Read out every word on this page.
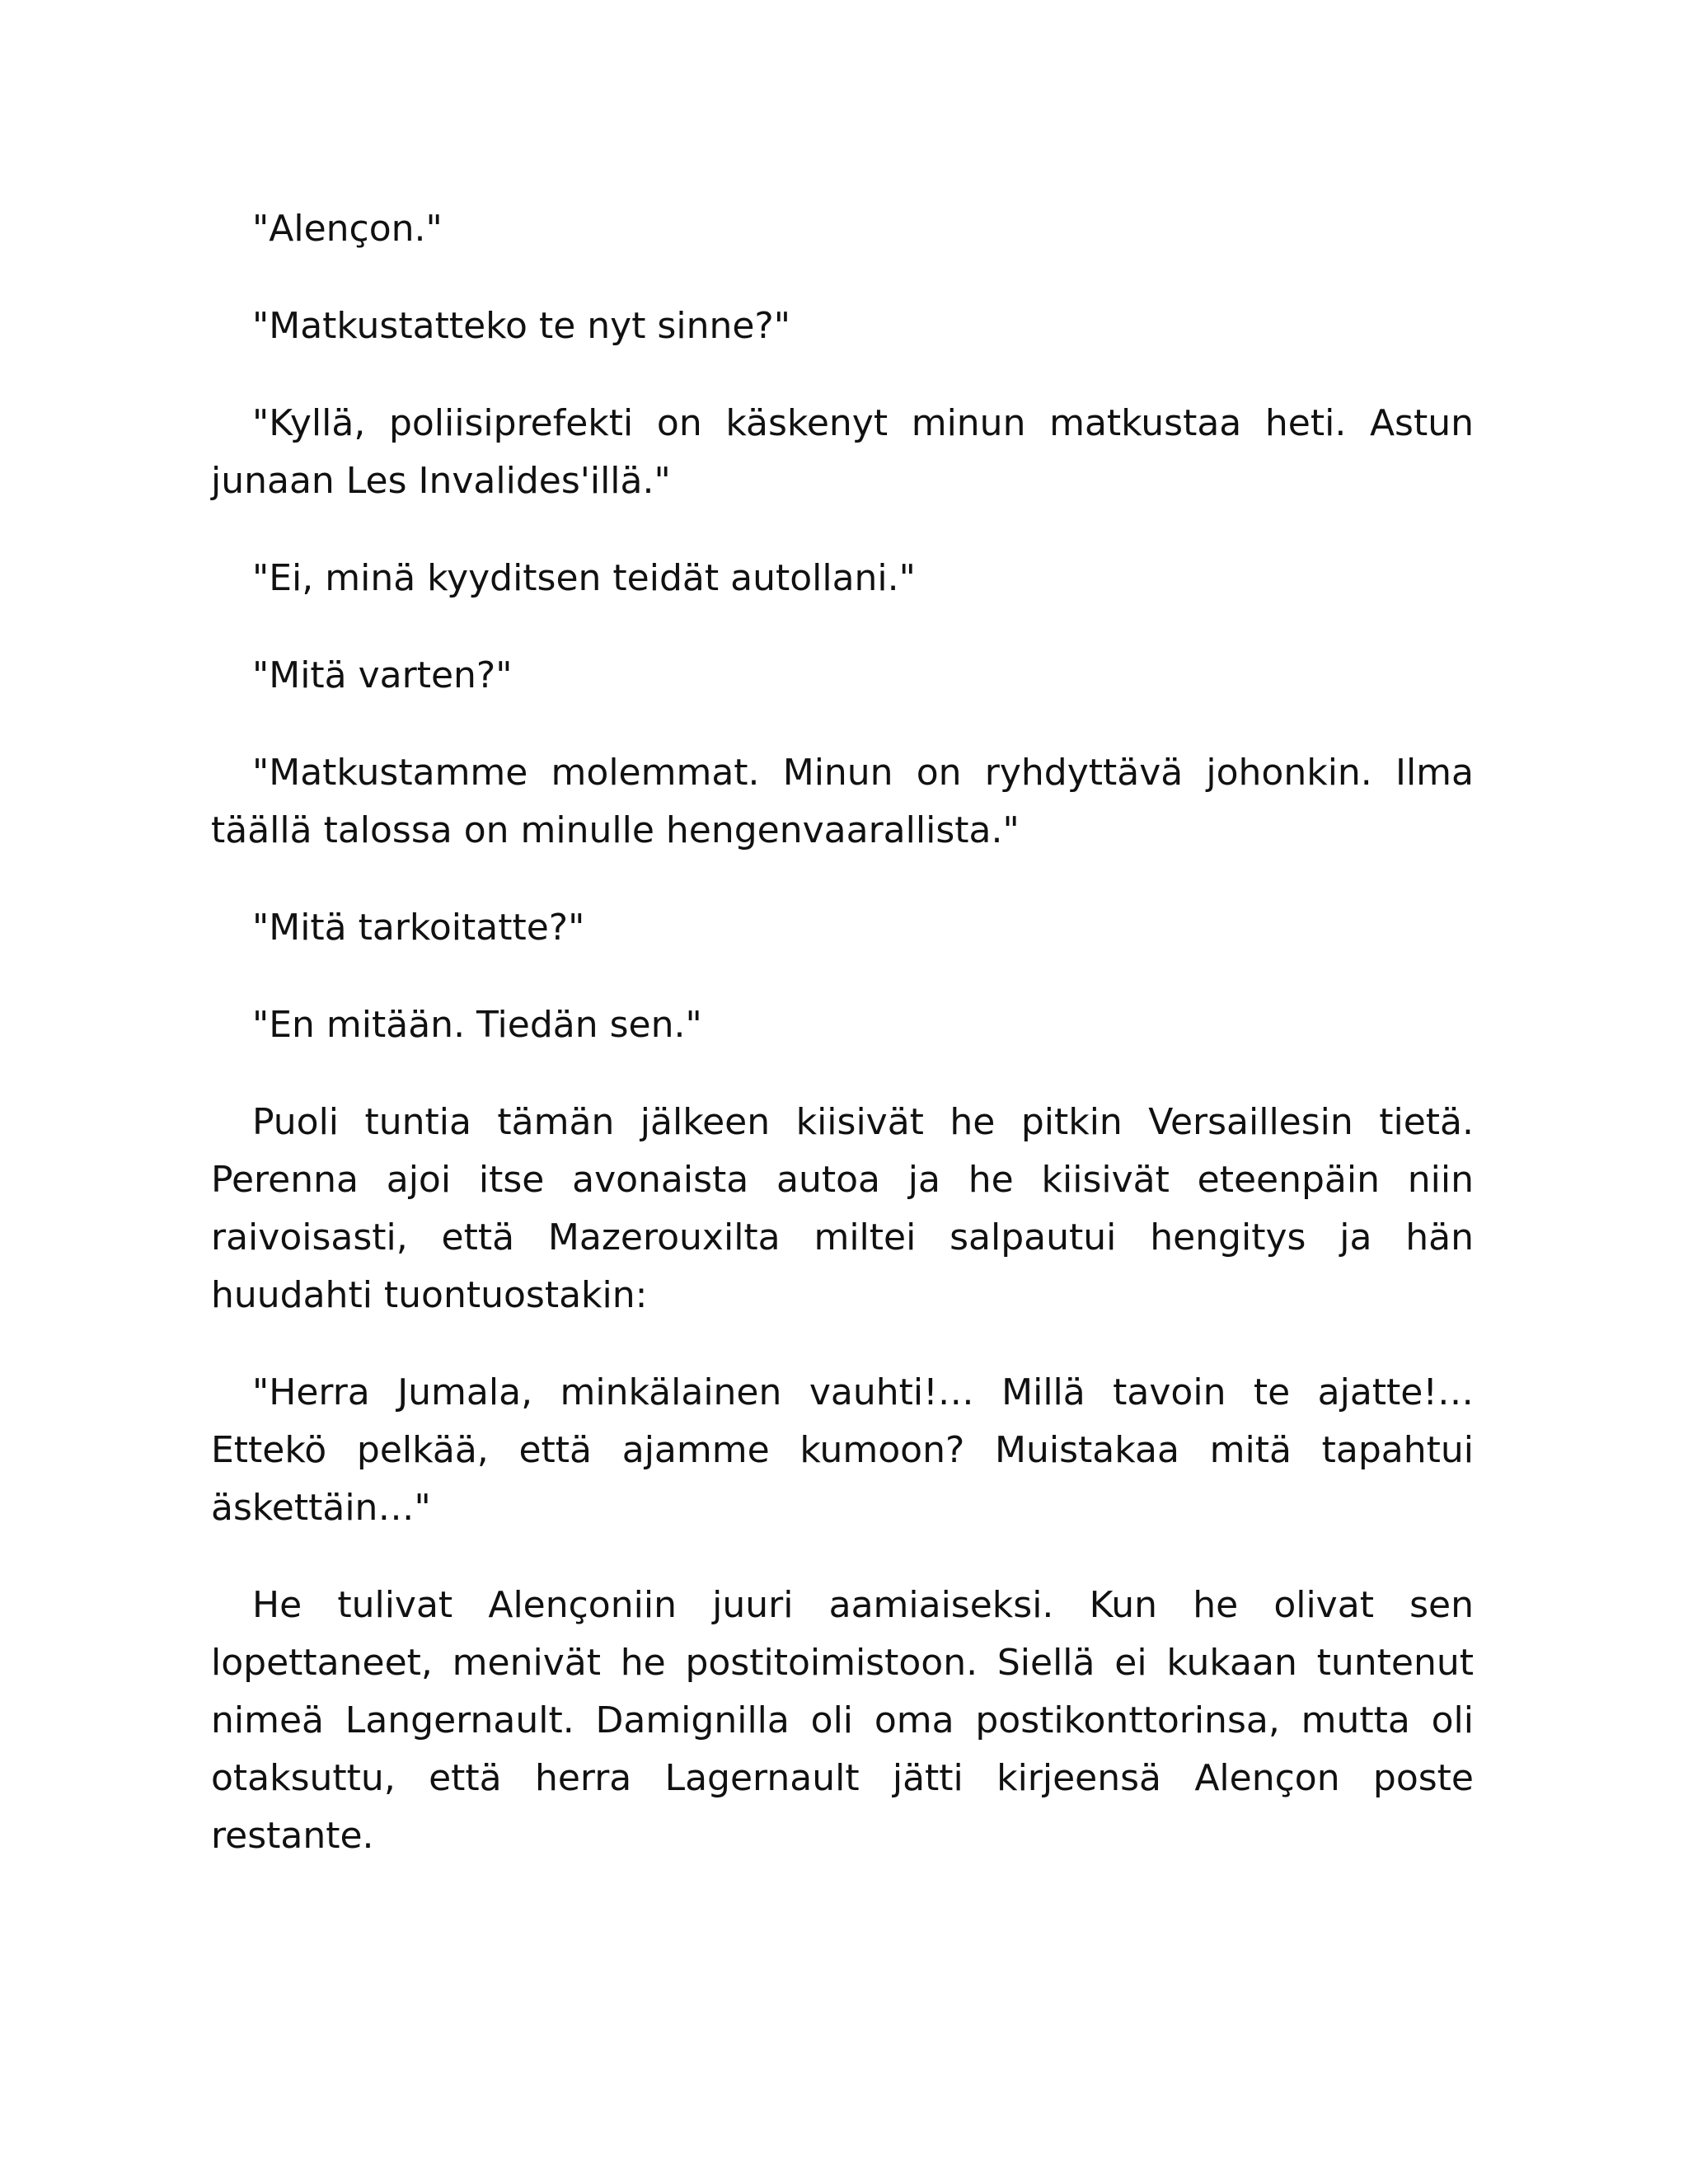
"Alençon."

"Matkustatteko te nyt sinne?"

"Kyllä, poliisiprefekti on käskenyt minun matkustaa heti. Astun junaan Les Invalides'illä."

"Ei, minä kyyditsen teidät autollani."

"Mitä varten?"

"Matkustamme molemmat. Minun on ryhdyttävä johonkin. Ilma täällä talossa on minulle hengenvaarallista."

"Mitä tarkoitatte?"

"En mitään. Tiedän sen."

Puoli tuntia tämän jälkeen kiisivät he pitkin Versaillesin tietä. Perenna ajoi itse avonaista autoa ja he kiisivät eteenpäin niin raivoisasti, että Mazerouxilta miltei salpautui hengitys ja hän huudahti tuontuostakin:

"Herra Jumala, minkälainen vauhti!… Millä tavoin te ajatte!… Ettekö pelkää, että ajamme kumoon? Muistakaa mitä tapahtui äskettäin…"

He tulivat Alençoniin juuri aamiaiseksi. Kun he olivat sen lopettaneet, menivät he postitoimistoon. Siellä ei kukaan tuntenut nimeä Langernault. Damignilla oli oma postikonttorinsa, mutta oli otaksuttu, että herra Lagernault jätti kirjeensä Alençon poste restante.
